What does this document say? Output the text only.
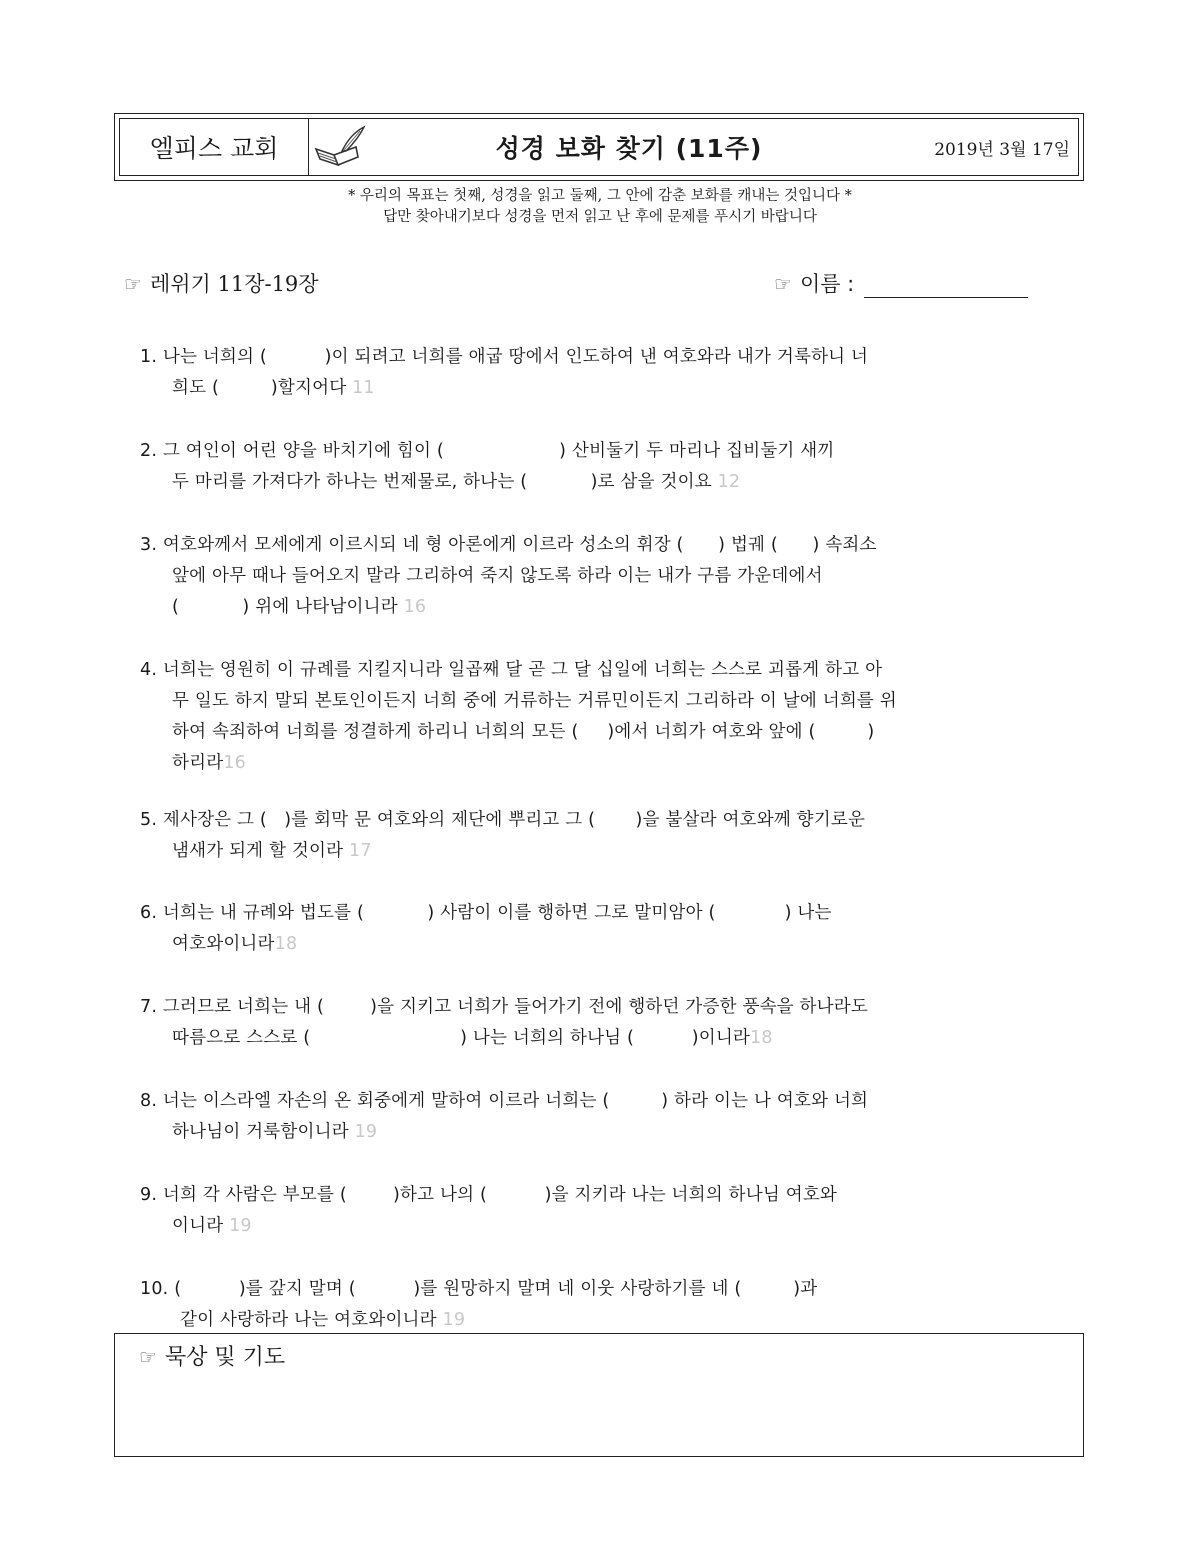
엘피스 교회	성경 보화 찾기 (11주)	2019년 3월 17일
* 우리의 목표는 첫째, 성경을 읽고 둘째, 그 안에 감춘 보화를 캐내는 것입니다 *
답만 찾아내기보다 성경을 먼저 읽고 난 후에 문제를 푸시기 바랍니다
☞ 레위기 11장-19장	☞ 이름 :
1. 나는 너희의 (          )이 되려고 너희를 애굽 땅에서 인도하여 낸 여호와라 내가 거룩하니 너
희도 (         )할지어다 11
2. 그 여인이 어린 양을 바치기에 힘이 (                    ) 산비둘기 두 마리나 집비둘기 새끼
두 마리를 가져다가 하나는 번제물로, 하나는 (           )로 삼을 것이요 12
3. 여호와께서 모세에게 이르시되 네 형 아론에게 이르라 성소의 휘장 (      ) 법궤 (      ) 속죄소
앞에 아무 때나 들어오지 말라 그리하여 죽지 않도록 하라 이는 내가 구름 가운데에서
(           ) 위에 나타남이니라 16
4. 너희는 영원히 이 규례를 지킬지니라 일곱째 달 곧 그 달 십일에 너희는 스스로 괴롭게 하고 아
무 일도 하지 말되 본토인이든지 너희 중에 거류하는 거류민이든지 그리하라 이 날에 너희를 위
하여 속죄하여 너희를 정결하게 하리니 너희의 모든 (     )에서 너희가 여호와 앞에 (         )
하리라16
5. 제사장은 그 (   )를 회막 문 여호와의 제단에 뿌리고 그 (       )을 불살라 여호와께 향기로운
냄새가 되게 할 것이라 17
6. 너희는 내 규례와 법도를 (           ) 사람이 이를 행하면 그로 말미암아 (            ) 나는
여호와이니라18
7. 그러므로 너희는 내 (        )을 지키고 너희가 들어가기 전에 행하던 가증한 풍속을 하나라도
따름으로 스스로 (                          ) 나는 너희의 하나님 (          )이니라18
8. 너는 이스라엘 자손의 온 회중에게 말하여 이르라 너희는 (         ) 하라 이는 나 여호와 너희
하나님이 거룩함이니라 19
9. 너희 각 사람은 부모를 (        )하고 나의 (          )을 지키라 나는 너희의 하나님 여호와
이니라 19
10. (          )를 갚지 말며 (          )를 원망하지 말며 네 이웃 사랑하기를 네 (         )과
같이 사랑하라 나는 여호와이니라 19
☞ 묵상 및 기도
